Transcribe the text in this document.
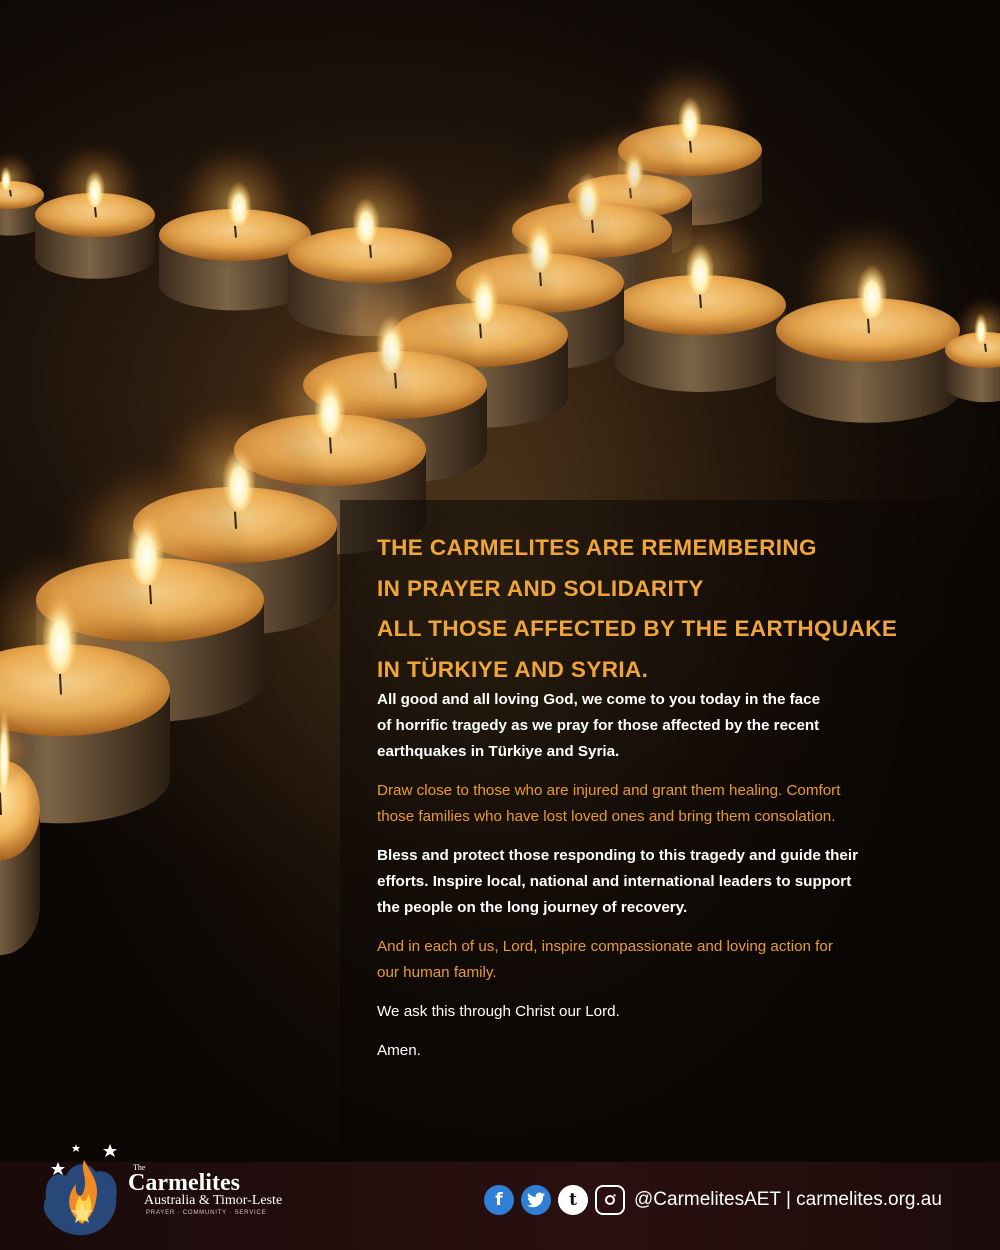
THE CARMELITES ARE REMEMBERING
IN PRAYER AND SOLIDARITY
ALL THOSE AFFECTED BY THE EARTHQUAKE
IN TÜRKIYE AND SYRIA.

All good and all loving God, we come to you today in the face
of horrific tragedy as we pray for those affected by the recent
earthquakes in Türkiye and Syria.

Draw close to those who are injured and grant them healing. Comfort
those families who have lost loved ones and bring them consolation.

Bless and protect those responding to this tragedy and guide their
efforts. Inspire local, national and international leaders to support
the people on the long journey of recovery.

And in each of us, Lord, inspire compassionate and loving action for
our human family.

We ask this through Christ our Lord.

Amen.

The

Carmelites

Australia & Timor-Leste

PRAYER · COMMUNITY · SERVICE

f	t	@CarmelitesAET | carmelites.org.au
